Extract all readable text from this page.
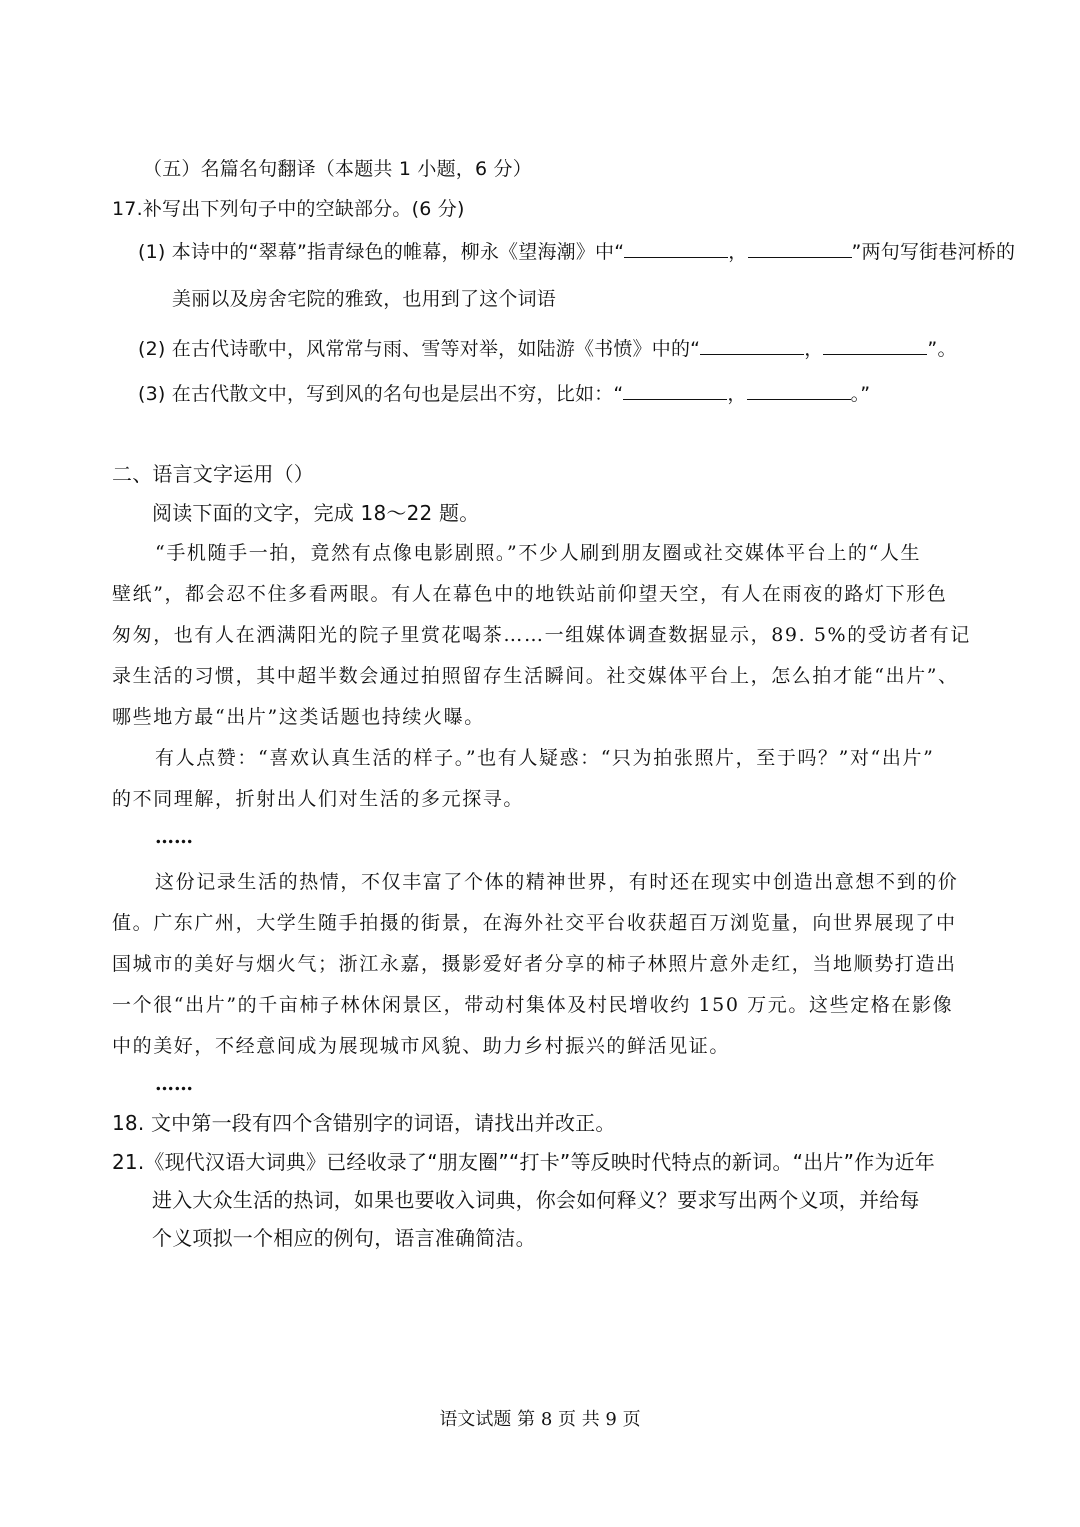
（五）名篇名句翻译（本题共 1 小题，6 分）
17.补写出下列句子中的空缺部分。(6 分)
(1) 本诗中的“翠幕”指青绿色的帷幕，柳永《望海潮》中“	，	”两句写街巷河桥的
美丽以及房舍宅院的雅致，也用到了这个词语
(2) 在古代诗歌中，风常常与雨、雪等对举，如陆游《书愤》中的“	，	”。
(3) 在古代散文中，写到风的名句也是层出不穷，比如：“	，	。”
二、语言文字运用（）
阅读下面的文字，完成 18～22 题。
“手机随手一拍，竟然有点像电影剧照。”不少人刷到朋友圈或社交媒体平台上的“人生
壁纸”，都会忍不住多看两眼。有人在幕色中的地铁站前仰望天空，有人在雨夜的路灯下形色
匆匆，也有人在洒满阳光的院子里赏花喝茶……一组媒体调查数据显示，89. 5%的受访者有记
录生活的习惯，其中超半数会通过拍照留存生活瞬间。社交媒体平台上，怎么拍才能“出片”、
哪些地方最“出片”这类话题也持续火曝。
有人点赞：“喜欢认真生活的样子。”也有人疑惑：“只为拍张照片，至于吗？”对“出片”
的不同理解，折射出人们对生活的多元探寻。
……
这份记录生活的热情，不仅丰富了个体的精神世界，有时还在现实中创造出意想不到的价
值。广东广州，大学生随手拍摄的街景，在海外社交平台收获超百万浏览量，向世界展现了中
国城市的美好与烟火气；浙江永嘉，摄影爱好者分享的柿子林照片意外走红，当地顺势打造出
一个很“出片”的千亩柿子林休闲景区，带动村集体及村民增收约 150 万元。这些定格在影像
中的美好，不经意间成为展现城市风貌、助力乡村振兴的鲜活见证。
……
18. 文中第一段有四个含错别字的词语，请找出并改正。
21.《现代汉语大词典》已经收录了“朋友圈”“打卡”等反映时代特点的新词。“出片”作为近年
进入大众生活的热词，如果也要收入词典，你会如何释义？要求写出两个义项，并给每
个义项拟一个相应的例句，语言准确简洁。
语文试题 第 8 页 共 9 页
